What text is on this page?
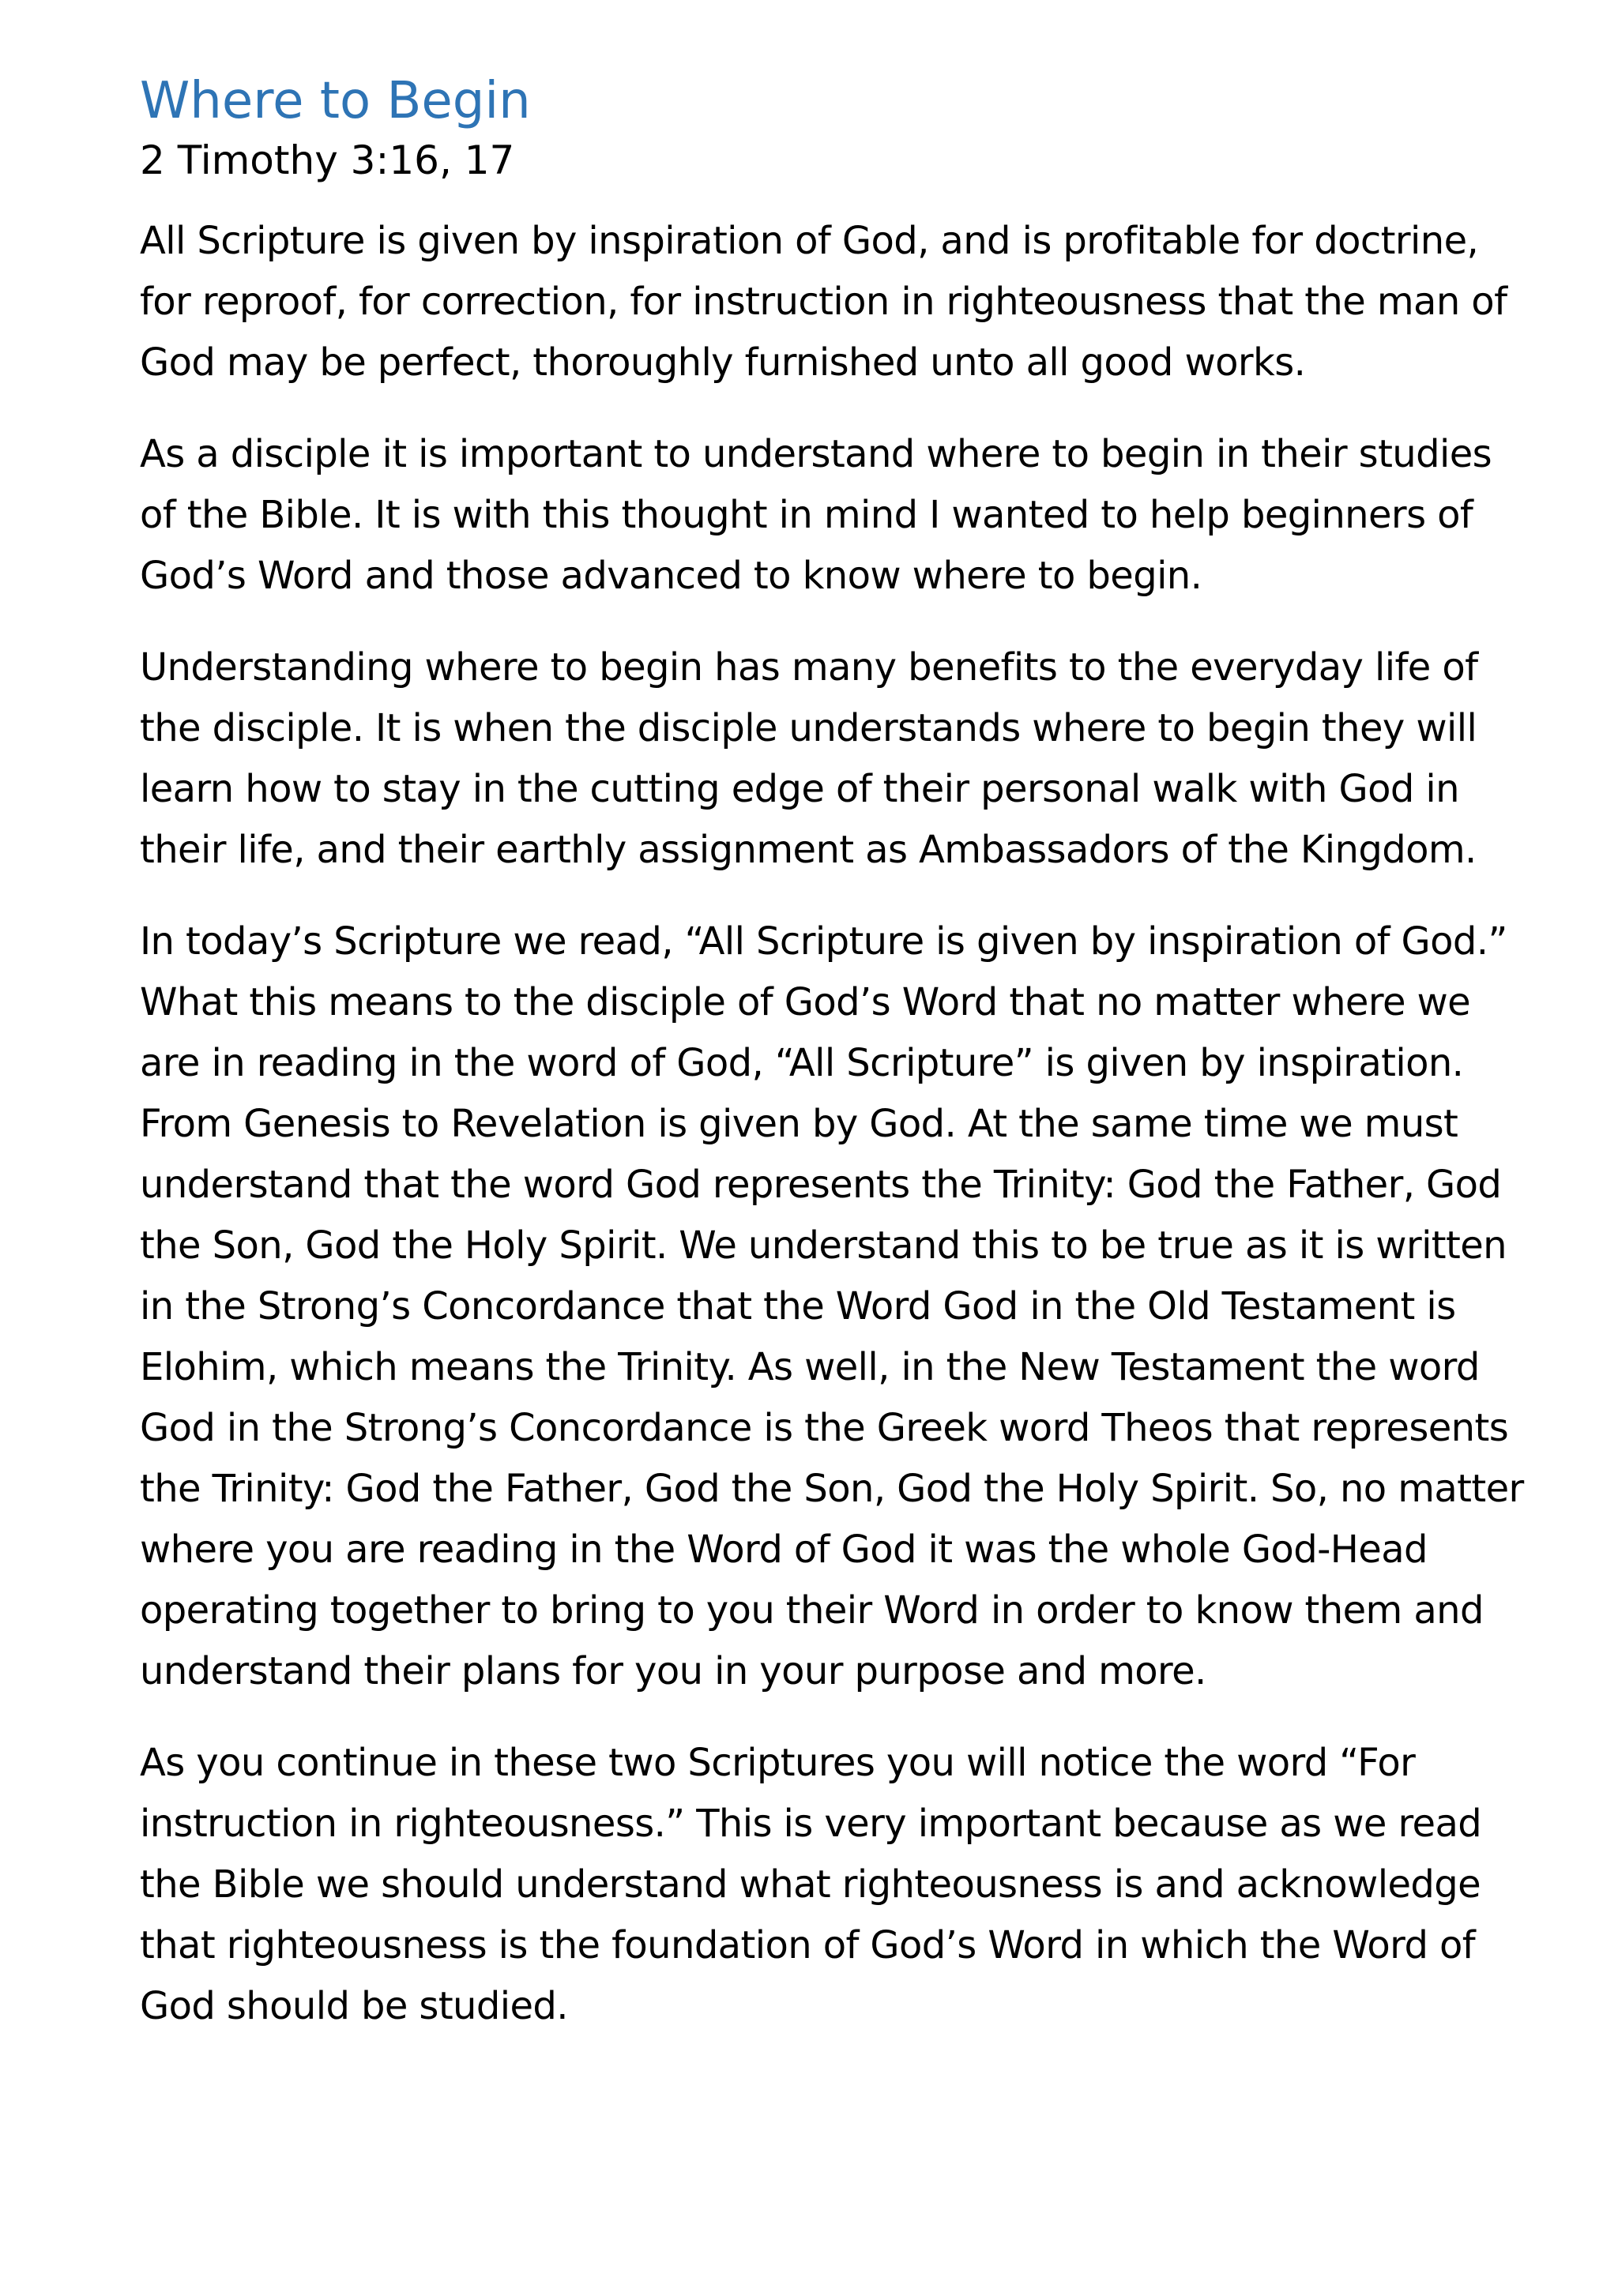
Where to Begin
2 Timothy 3:16, 17

All Scripture is given by inspiration of God, and is profitable for doctrine, for reproof, for correction, for instruction in righteousness that the man of God may be perfect, thoroughly furnished unto all good works.

As a disciple it is important to understand where to begin in their studies of the Bible. It is with this thought in mind I wanted to help beginners of God’s Word and those advanced to know where to begin.

Understanding where to begin has many benefits to the everyday life of the disciple. It is when the disciple understands where to begin they will learn how to stay in the cutting edge of their personal walk with God in their life, and their earthly assignment as Ambassadors of the Kingdom.

In today’s Scripture we read, “All Scripture is given by inspiration of God.” What this means to the disciple of God’s Word that no matter where we are in reading in the word of God, “All Scripture” is given by inspiration. From Genesis to Revelation is given by God. At the same time we must understand that the word God represents the Trinity: God the Father, God the Son, God the Holy Spirit. We understand this to be true as it is written in the Strong’s Concordance that the Word God in the Old Testament is Elohim, which means the Trinity. As well, in the New Testament the word God in the Strong’s Concordance is the Greek word Theos that represents the Trinity: God the Father, God the Son, God the Holy Spirit. So, no matter where you are reading in the Word of God it was the whole God-Head operating together to bring to you their Word in order to know them and understand their plans for you in your purpose and more.

As you continue in these two Scriptures you will notice the word “For instruction in righteousness.” This is very important because as we read the Bible we should understand what righteousness is and acknowledge that righteousness is the foundation of God’s Word in which the Word of God should be studied.
